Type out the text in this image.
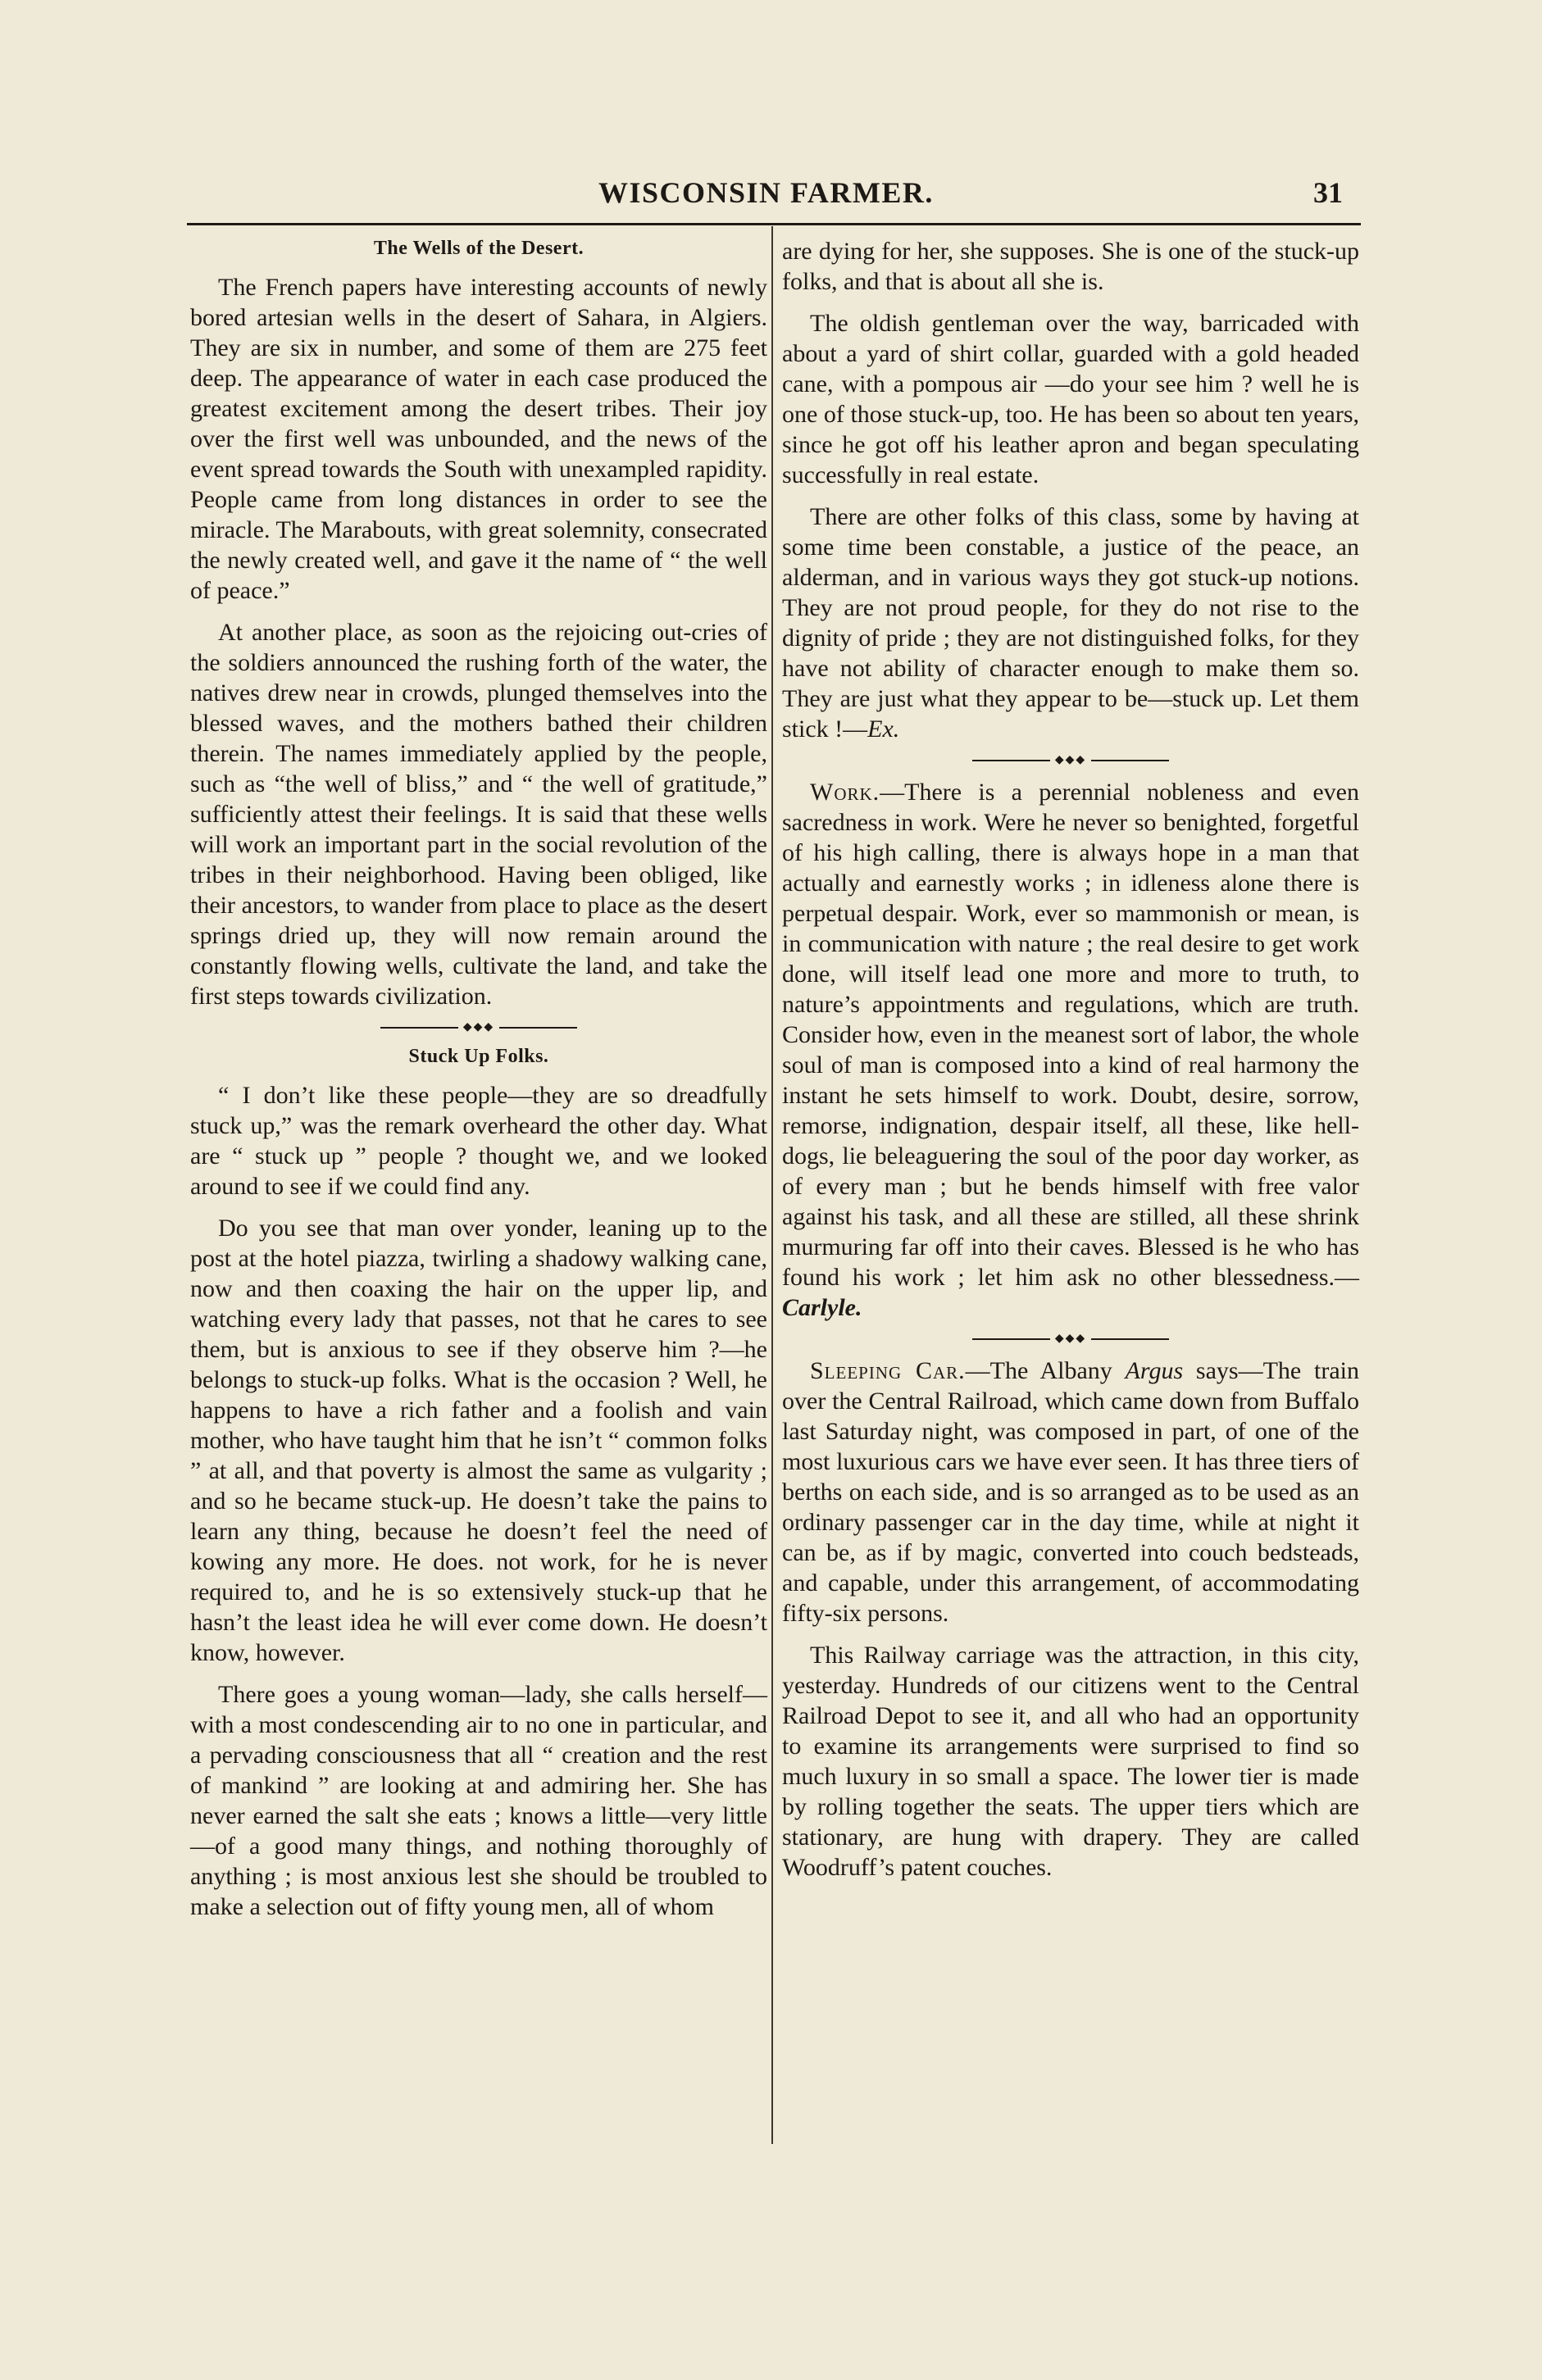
WISCONSIN FARMER.	31
The Wells of the Desert.

The French papers have interesting accounts of newly bored artesian wells in the desert of Sahara, in Algiers. They are six in number, and some of them are 275 feet deep. The appearance of water in each case produced the greatest excitement among the desert tribes. Their joy over the first well was unbounded, and the news of the event spread towards the South with unexampled rapidity. People came from long distances in order to see the miracle. The Marabouts, with great solemnity, consecrated the newly created well, and gave it the name of “ the well of peace.”

At another place, as soon as the rejoicing out-cries of the soldiers announced the rushing forth of the water, the natives drew near in crowds, plunged themselves into the blessed waves, and the mothers bathed their children therein. The names immediately applied by the people, such as “the well of bliss,” and “ the well of gratitude,” sufficiently attest their feelings. It is said that these wells will work an important part in the social revolution of the tribes in their neighborhood. Having been obliged, like their ancestors, to wander from place to place as the desert springs dried up, they will now remain around the constantly flowing wells, cultivate the land, and take the first steps towards civilization.

◆◆◆
Stuck Up Folks.

“ I don’t like these people—they are so dreadfully stuck up,” was the remark overheard the other day. What are “ stuck up ” people ? thought we, and we looked around to see if we could find any.

Do you see that man over yonder, leaning up to the post at the hotel piazza, twirling a shadowy walking cane, now and then coaxing the hair on the upper lip, and watching every lady that passes, not that he cares to see them, but is anxious to see if they observe him ?—he belongs to stuck-up folks. What is the occasion ? Well, he happens to have a rich father and a foolish and vain mother, who have taught him that he isn’t “ common folks ” at all, and that poverty is almost the same as vulgarity ; and so he became stuck-up. He doesn’t take the pains to learn any thing, because he doesn’t feel the need of kowing any more. He does. not work, for he is never required to, and he is so extensively stuck-up that he hasn’t the least idea he will ever come down. He doesn’t know, however.

There goes a young woman—lady, she calls herself—with a most condescending air to no one in particular, and a pervading consciousness that all “ creation and the rest of mankind ” are looking at and admiring her. She has never earned the salt she eats ; knows a little—very little—of a good many things, and nothing thoroughly of anything ; is most anxious lest she should be troubled to make a selection out of fifty young men, all of whom

are dying for her, she supposes. She is one of the stuck-up folks, and that is about all she is.

The oldish gentleman over the way, barricaded with about a yard of shirt collar, guarded with a gold headed cane, with a pompous air —do your see him ? well he is one of those stuck-up, too. He has been so about ten years, since he got off his leather apron and began speculating successfully in real estate.

There are other folks of this class, some by having at some time been constable, a justice of the peace, an alderman, and in various ways they got stuck-up notions. They are not proud people, for they do not rise to the dignity of pride ; they are not distinguished folks, for they have not ability of character enough to make them so. They are just what they appear to be—stuck up. Let them stick !—Ex.

◆◆◆

Work.—There is a perennial nobleness and even sacredness in work. Were he never so benighted, forgetful of his high calling, there is always hope in a man that actually and earnestly works ; in idleness alone there is perpetual despair. Work, ever so mammonish or mean, is in communication with nature ; the real desire to get work done, will itself lead one more and more to truth, to nature’s appointments and regulations, which are truth. Consider how, even in the meanest sort of labor, the whole soul of man is composed into a kind of real harmony the instant he sets himself to work. Doubt, desire, sorrow, remorse, indignation, despair itself, all these, like hell-dogs, lie beleaguering the soul of the poor day worker, as of every man ; but he bends himself with free valor against his task, and all these are stilled, all these shrink murmuring far off into their caves. Blessed is he who has found his work ; let him ask no other blessedness.—Carlyle.

◆◆◆

Sleeping Car.—The Albany Argus says—The train over the Central Railroad, which came down from Buffalo last Saturday night, was composed in part, of one of the most luxurious cars we have ever seen. It has three tiers of berths on each side, and is so arranged as to be used as an ordinary passenger car in the day time, while at night it can be, as if by magic, converted into couch bedsteads, and capable, under this arrangement, of accommodating fifty-six persons.

This Railway carriage was the attraction, in this city, yesterday. Hundreds of our citizens went to the Central Railroad Depot to see it, and all who had an opportunity to examine its arrangements were surprised to find so much luxury in so small a space. The lower tier is made by rolling together the seats. The upper tiers which are stationary, are hung with drapery. They are called Woodruff’s patent couches.
